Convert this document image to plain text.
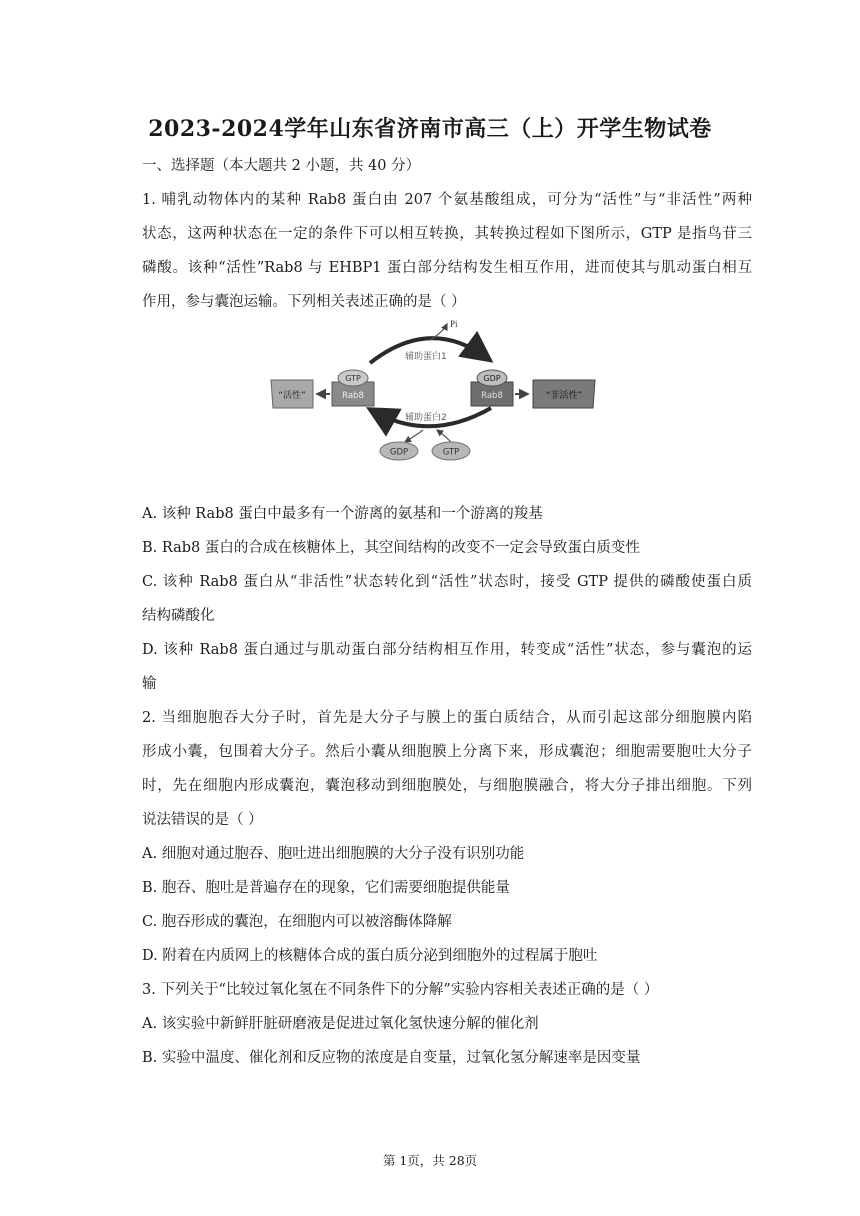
2023-2024学年山东省济南市高三（上）开学生物试卷
一、选择题（本大题共 2 小题，共 40 分）
1. 哺乳动物体内的某种 Rab8 蛋白由 207 个氨基酸组成，可分为“活性”与“非活性”两种
状态，这两种状态在一定的条件下可以相互转换，其转换过程如下图所示，GTP 是指鸟苷三
磷酸。该种“活性”Rab8 与 EHBP1 蛋白部分结构发生相互作用，进而使其与肌动蛋白相互
作用，参与囊泡运输。下列相关表述正确的是（ ）
Pi
辅助蛋白1
辅助蛋白2
GDP	GTP
Rab8
GTP
“活性”	Rab8
GDP
“非活性”
A. 该种 Rab8 蛋白中最多有一个游离的氨基和一个游离的羧基
B. Rab8 蛋白的合成在核糖体上，其空间结构的改变不一定会导致蛋白质变性
C. 该种 Rab8 蛋白从“非活性”状态转化到“活性”状态时，接受 GTP 提供的磷酸使蛋白质
结构磷酸化
D. 该种 Rab8 蛋白通过与肌动蛋白部分结构相互作用，转变成“活性”状态，参与囊泡的运
输
2. 当细胞胞吞大分子时，首先是大分子与膜上的蛋白质结合，从而引起这部分细胞膜内陷
形成小囊，包围着大分子。然后小囊从细胞膜上分离下来，形成囊泡；细胞需要胞吐大分子
时，先在细胞内形成囊泡，囊泡移动到细胞膜处，与细胞膜融合，将大分子排出细胞。下列
说法错误的是（ ）
A. 细胞对通过胞吞、胞吐进出细胞膜的大分子没有识别功能
B. 胞吞、胞吐是普遍存在的现象，它们需要细胞提供能量
C. 胞吞形成的囊泡，在细胞内可以被溶酶体降解
D. 附着在内质网上的核糖体合成的蛋白质分泌到细胞外的过程属于胞吐
3. 下列关于“比较过氧化氢在不同条件下的分解”实验内容相关表述正确的是（ ）
A. 该实验中新鲜肝脏研磨液是促进过氧化氢快速分解的催化剂
B. 实验中温度、催化剂和反应物的浓度是自变量，过氧化氢分解速率是因变量
第 1页，共 28页
